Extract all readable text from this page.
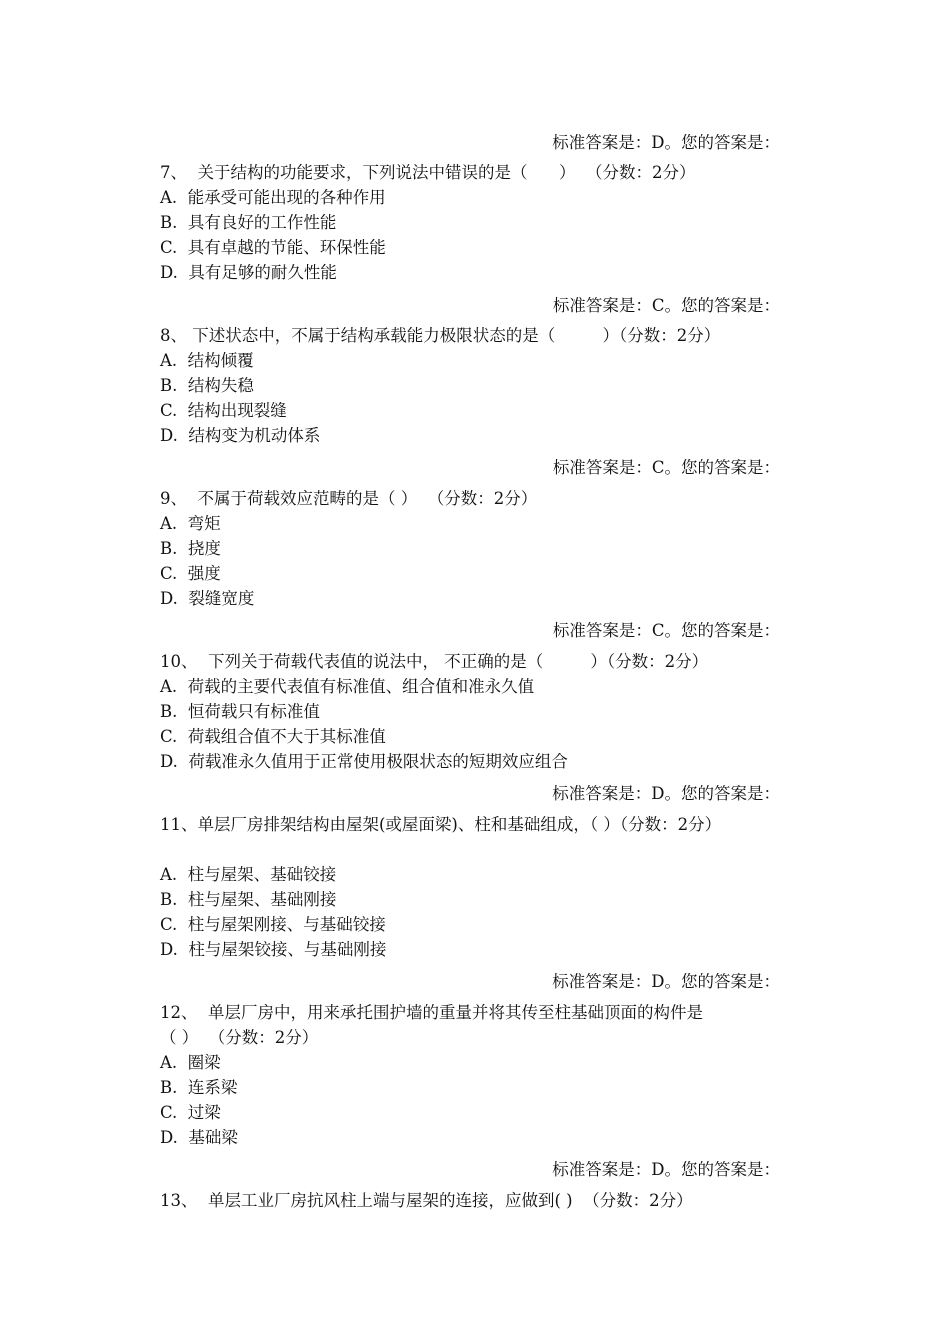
标准答案是：D。您的答案是：
7、  关于结构的功能要求，下列说法中错误的是（      ）  （分数：2分）
A.  能承受可能出现的各种作用
B.  具有良好的工作性能
C.  具有卓越的节能、环保性能
D.  具有足够的耐久性能
标准答案是：C。您的答案是：
8、 下述状态中，不属于结构承载能力极限状态的是（         ）（分数：2分）
A.  结构倾覆
B.  结构失稳
C.  结构出现裂缝
D.  结构变为机动体系
标准答案是：C。您的答案是：
9、  不属于荷载效应范畴的是（ ）  （分数：2分）
A.  弯矩
B.  挠度
C.  强度
D.  裂缝宽度
标准答案是：C。您的答案是：
10、  下列关于荷载代表值的说法中， 不正确的是（         ）（分数：2分）
A.  荷载的主要代表值有标准值、组合值和准永久值
B.  恒荷载只有标准值
C.  荷载组合值不大于其标准值
D.  荷载准永久值用于正常使用极限状态的短期效应组合
标准答案是：D。您的答案是：
11、单层厂房排架结构由屋架(或屋面梁)、柱和基础组成，（ ）（分数：2分）
A.  柱与屋架、基础铰接
B.  柱与屋架、基础刚接
C.  柱与屋架刚接、与基础铰接
D.  柱与屋架铰接、与基础刚接
标准答案是：D。您的答案是：
12、  单层厂房中，用来承托围护墙的重量并将其传至柱基础顶面的构件是
（ ）  （分数：2分）
A.  圈梁
B.  连系梁
C.  过梁
D.  基础梁
标准答案是：D。您的答案是：
13、  单层工业厂房抗风柱上端与屋架的连接，应做到( )  （分数：2分）
